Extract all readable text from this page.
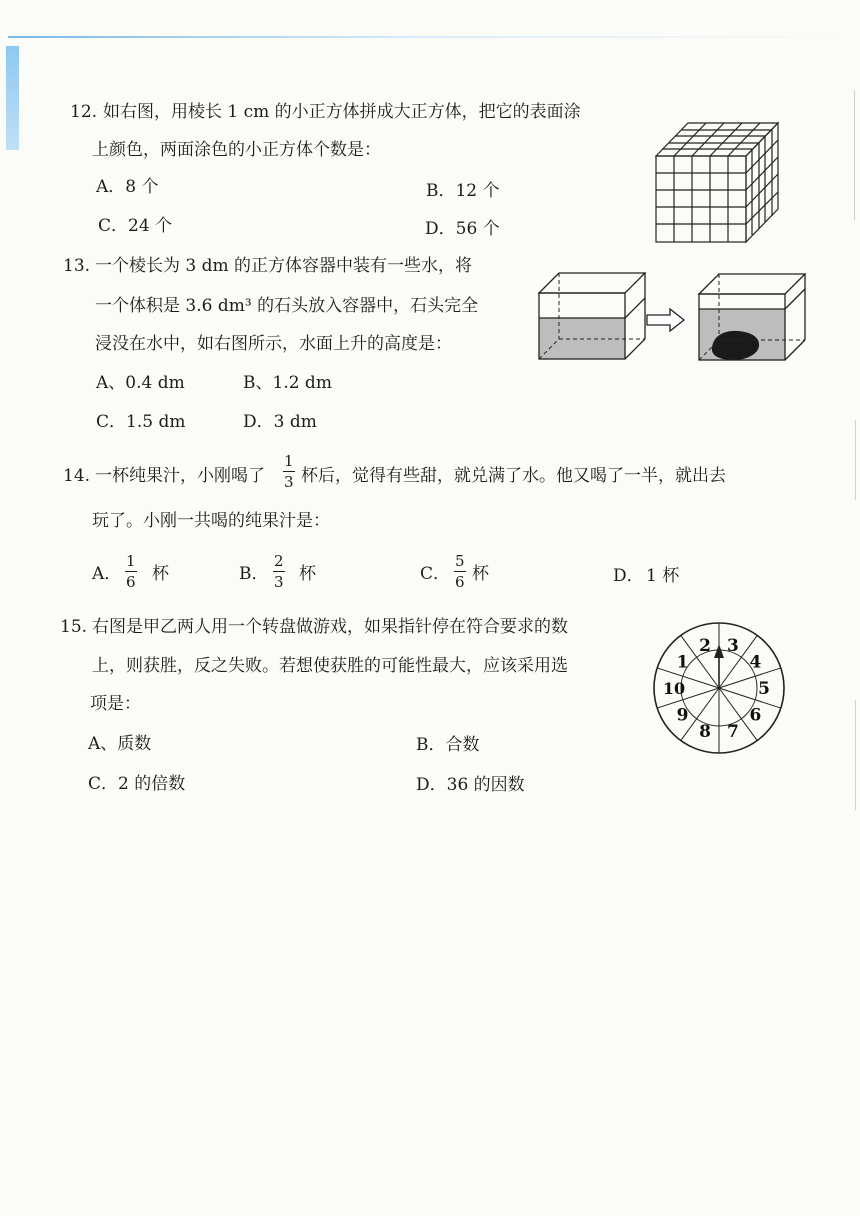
12. 如右图，用棱长 1 cm 的小正方体拼成大正方体，把它的表面涂
上颜色，两面涂色的小正方体个数是：
A．8 个	B．12 个
C．24 个	D．56 个
13. 一个棱长为 3 dm 的正方体容器中装有一些水，将
一个体积是 3.6 dm³ 的石头放入容器中，石头完全
浸没在水中，如右图所示，水面上升的高度是：
A、0.4 dm	B、1.2 dm
C．1.5 dm	D．3 dm
14. 一杯纯果汁，小刚喝了 $\frac{1}{3}$ 杯后，觉得有些甜，就兑满了水。他又喝了一半，就出去
玩了。小刚一共喝的纯果汁是：
A． $\frac{1}{6}$ 杯	B． $\frac{2}{3}$ 杯	C． $\frac{5}{6}$ 杯	D． 1 杯
15. 右图是甲乙两人用一个转盘做游戏，如果指针停在符合要求的数
上，则获胜，反之失败。若想使获胜的可能性最大，应该采用选
项是：
A、质数	B．合数
C．2 的倍数	D．36 的因数
3
4
5
6
7
8
9
10
1
2
